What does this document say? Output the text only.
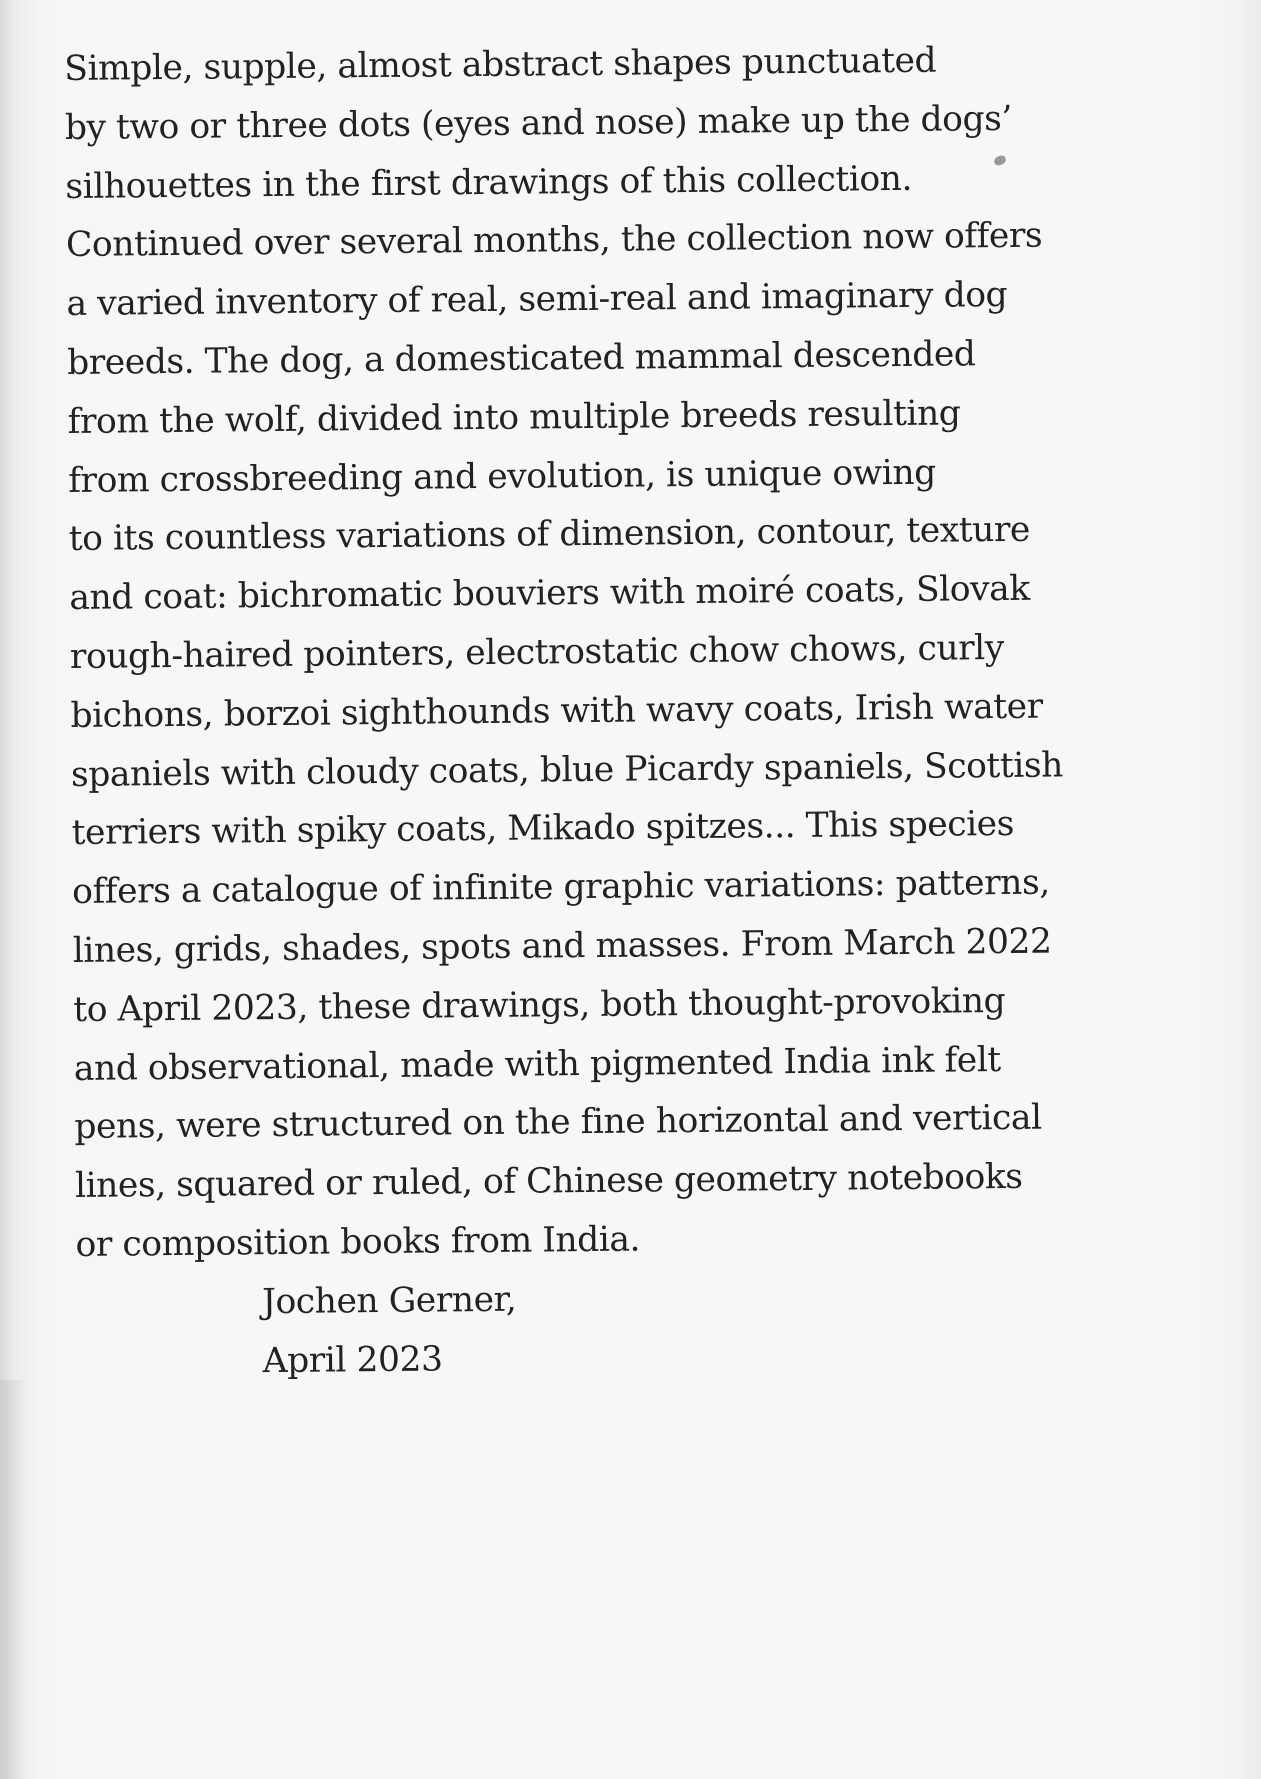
Simple, supple, almost abstract shapes punctuated
by two or three dots (eyes and nose) make up the dogs’
silhouettes in the first drawings of this collection.
Continued over several months, the collection now offers
a varied inventory of real, semi-real and imaginary dog
breeds. The dog, a domesticated mammal descended
from the wolf, divided into multiple breeds resulting
from crossbreeding and evolution, is unique owing
to its countless variations of dimension, contour, texture
and coat: bichromatic bouviers with moiré coats, Slovak
rough-haired pointers, electrostatic chow chows, curly
bichons, borzoi sighthounds with wavy coats, Irish water
spaniels with cloudy coats, blue Picardy spaniels, Scottish
terriers with spiky coats, Mikado spitzes... This species
offers a catalogue of infinite graphic variations: patterns,
lines, grids, shades, spots and masses. From March 2022
to April 2023, these drawings, both thought-provoking
and observational, made with pigmented India ink felt
pens, were structured on the fine horizontal and vertical
lines, squared or ruled, of Chinese geometry notebooks
or composition books from India.
Jochen Gerner,
April 2023
